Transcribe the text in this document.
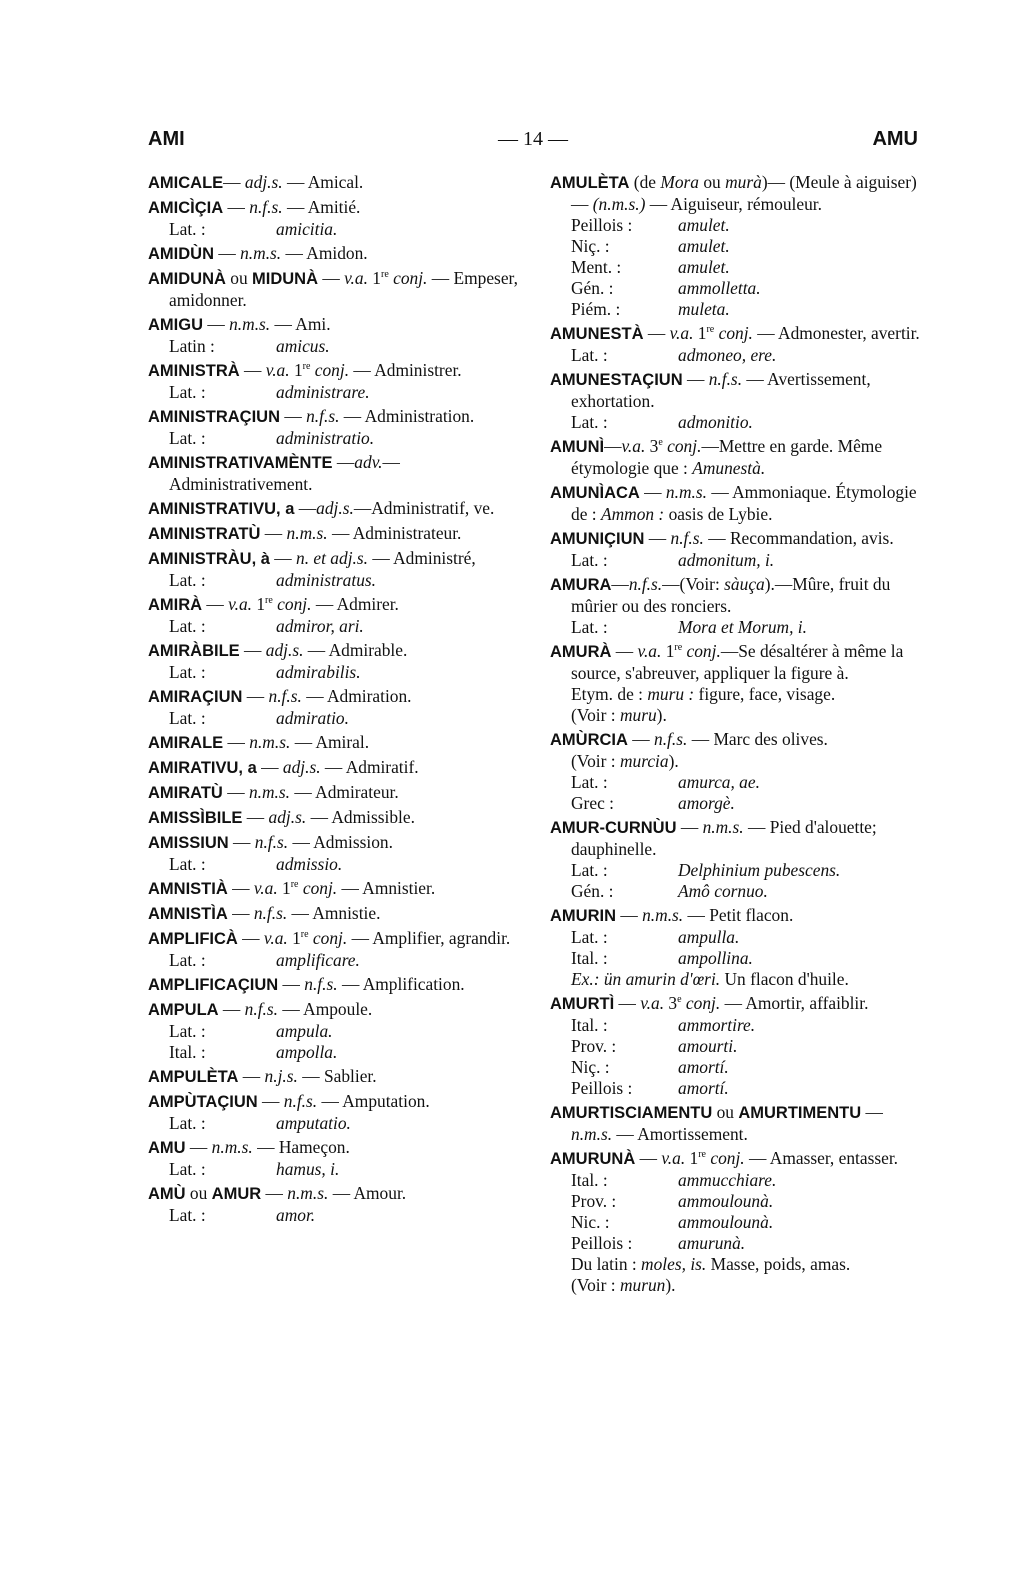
AMI	— 14 —	AMU

AMICALE— adj.s. — Amical.

AMICÌÇIA — n.f.s. — Amitié.

Lat. :	amicitia.

AMIDÙN — n.m.s. — Amidon.

AMIDUNÀ ou MIDUNÀ — v.a. 1re conj. — Empeser, amidonner.

AMIGU — n.m.s. — Ami.

Latin :	amicus.

AMINISTRÀ — v.a. 1re conj. — Administrer.

Lat. :	administrare.

AMINISTRAÇIUN — n.f.s. — Administration.

Lat. :	administratio.

AMINISTRATIVAMÈNTE —adv.—Administrativement.

AMINISTRATIVU, a —adj.s.—Administratif, ve.

AMINISTRATÙ — n.m.s. — Administrateur.

AMINISTRÀU, à — n. et adj.s. — Administré,

Lat. :	administratus.

AMIRÀ — v.a. 1re conj. — Admirer.

Lat. :	admiror, ari.

AMIRÀBILE — adj.s. — Admirable.

Lat. :	admirabilis.

AMIRAÇIUN — n.f.s. — Admiration.

Lat. :	admiratio.

AMIRALE — n.m.s. — Amiral.

AMIRATIVU, a — adj.s. — Admiratif.

AMIRATÙ — n.m.s. — Admirateur.

AMISSÌBILE — adj.s. — Admissible.

AMISSIUN — n.f.s. — Admission.

Lat. :	admissio.

AMNISTIÀ — v.a. 1re conj. — Amnistier.

AMNISTÌA — n.f.s. — Amnistie.

AMPLIFICÀ — v.a. 1re conj. — Amplifier, agrandir.

Lat. :	amplificare.

AMPLIFICAÇIUN — n.f.s. — Amplification.

AMPULA — n.f.s. — Ampoule.

Lat. :	ampula.
Ital. :	ampolla.

AMPULÈTA — n.j.s. — Sablier.

AMPÙTAÇIUN — n.f.s. — Amputation.

Lat. :	amputatio.

AMU — n.m.s. — Hameçon.

Lat. :	hamus, i.

AMÙ ou AMUR — n.m.s. — Amour.

Lat. :	amor.

AMULÈTA (de Mora ou murà)— (Meule à aiguiser) — (n.m.s.) — Aiguiseur, rémouleur.

Peillois :	amulet.
Niç. :	amulet.
Ment. :	amulet.
Gén. :	ammolletta.
Piém. :	muleta.

AMUNESTÀ — v.a. 1re conj. — Admonester, avertir.

Lat. :	admoneo, ere.

AMUNESTAÇIUN — n.f.s. — Avertissement, exhortation.

Lat. :	admonitio.

AMUNÌ—v.a. 3e conj.—Mettre en garde. Même étymologie que : Amunestà.

AMUNÌACA — n.m.s. — Ammoniaque. Étymologie de : Ammon : oasis de Lybie.

AMUNIÇIUN — n.f.s. — Recommandation, avis.

Lat. :	admonitum, i.

AMURA—n.f.s.—(Voir: sàuça).—Mûre, fruit du mûrier ou des ronciers.

Lat. :	Mora et Morum, i.

AMURÀ — v.a. 1re conj.—Se désaltérer à même la source, s'abreuver, appliquer la figure à.

Etym. de : muru : figure, face, visage.

(Voir : muru).

AMÙRCIA — n.f.s. — Marc des olives.

(Voir : murcia).

Lat. :	amurca, ae.
Grec :	amorgè.

AMUR-CURNÙU — n.m.s. — Pied d'alouette; dauphinelle.

Lat. :	Delphinium pubescens.
Gén. :	Amô cornuo.

AMURIN — n.m.s. — Petit flacon.

Lat. :	ampulla.
Ital. :	ampollina.

Ex.: ün amurin d'œri. Un flacon d'huile.

AMURTÌ — v.a. 3e conj. — Amortir, affaiblir.

Ital. :	ammortire.
Prov. :	amourti.
Niç. :	amortí.
Peillois :	amortí.

AMURTISCIAMENTU ou AMURTIMENTU — n.m.s. — Amortissement.

AMURUNÀ — v.a. 1re conj. — Amasser, entasser.

Ital. :	ammucchiare.
Prov. :	ammoulounà.
Nic. :	ammoulounà.
Peillois :	amurunà.

Du latin : moles, is. Masse, poids, amas.

(Voir : murun).
